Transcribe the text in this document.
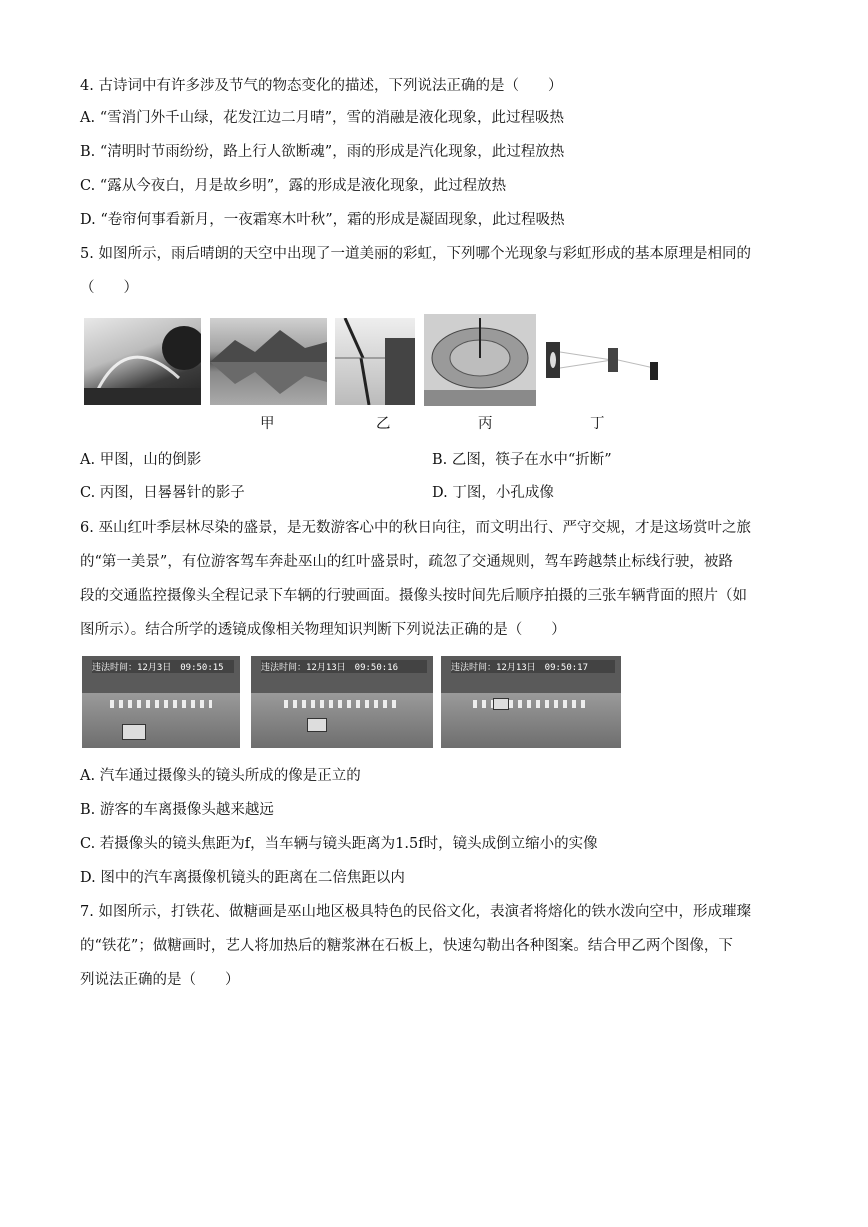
4. 古诗词中有许多涉及节气的物态变化的描述，下列说法正确的是（　　）
A. “雪消门外千山绿，花发江边二月晴”，雪的消融是液化现象，此过程吸热
B. “清明时节雨纷纷，路上行人欲断魂”，雨的形成是汽化现象，此过程放热
C. “露从今夜白，月是故乡明”，露的形成是液化现象，此过程放热
D. “卷帘何事看新月，一夜霜寒木叶秋”，霜的形成是凝固现象，此过程吸热
5. 如图所示，雨后晴朗的天空中出现了一道美丽的彩虹，下列哪个光现象与彩虹形成的基本原理是相同的
（　　）
甲	乙	丙	丁
A. 甲图，山的倒影	B. 乙图，筷子在水中“折断”
C. 丙图，日晷晷针的影子	D. 丁图，小孔成像
6. 巫山红叶季层林尽染的盛景，是无数游客心中的秋日向往，而文明出行、严守交规，才是这场赏叶之旅
的“第一美景”，有位游客驾车奔赴巫山的红叶盛景时，疏忽了交通规则，驾车跨越禁止标线行驶，被路
段的交通监控摄像头全程记录下车辆的行驶画面。摄像头按时间先后顺序拍摄的三张车辆背面的照片（如
图所示）。结合所学的透镜成像相关物理知识判断下列说法正确的是（　　）
违法时间：12月3日　09:50:15	违法时间：12月13日　09:50:16	违法时间：12月13日　09:50:17
A. 汽车通过摄像头的镜头所成的像是正立的
B. 游客的车离摄像头越来越远
C. 若摄像头的镜头焦距为f，当车辆与镜头距离为1.5f时，镜头成倒立缩小的实像
D. 图中的汽车离摄像机镜头的距离在二倍焦距以内
7. 如图所示，打铁花、做糖画是巫山地区极具特色的民俗文化，表演者将熔化的铁水泼向空中，形成璀璨
的“铁花”；做糖画时，艺人将加热后的糖浆淋在石板上，快速勾勒出各种图案。结合甲乙两个图像，下
列说法正确的是（　　）
